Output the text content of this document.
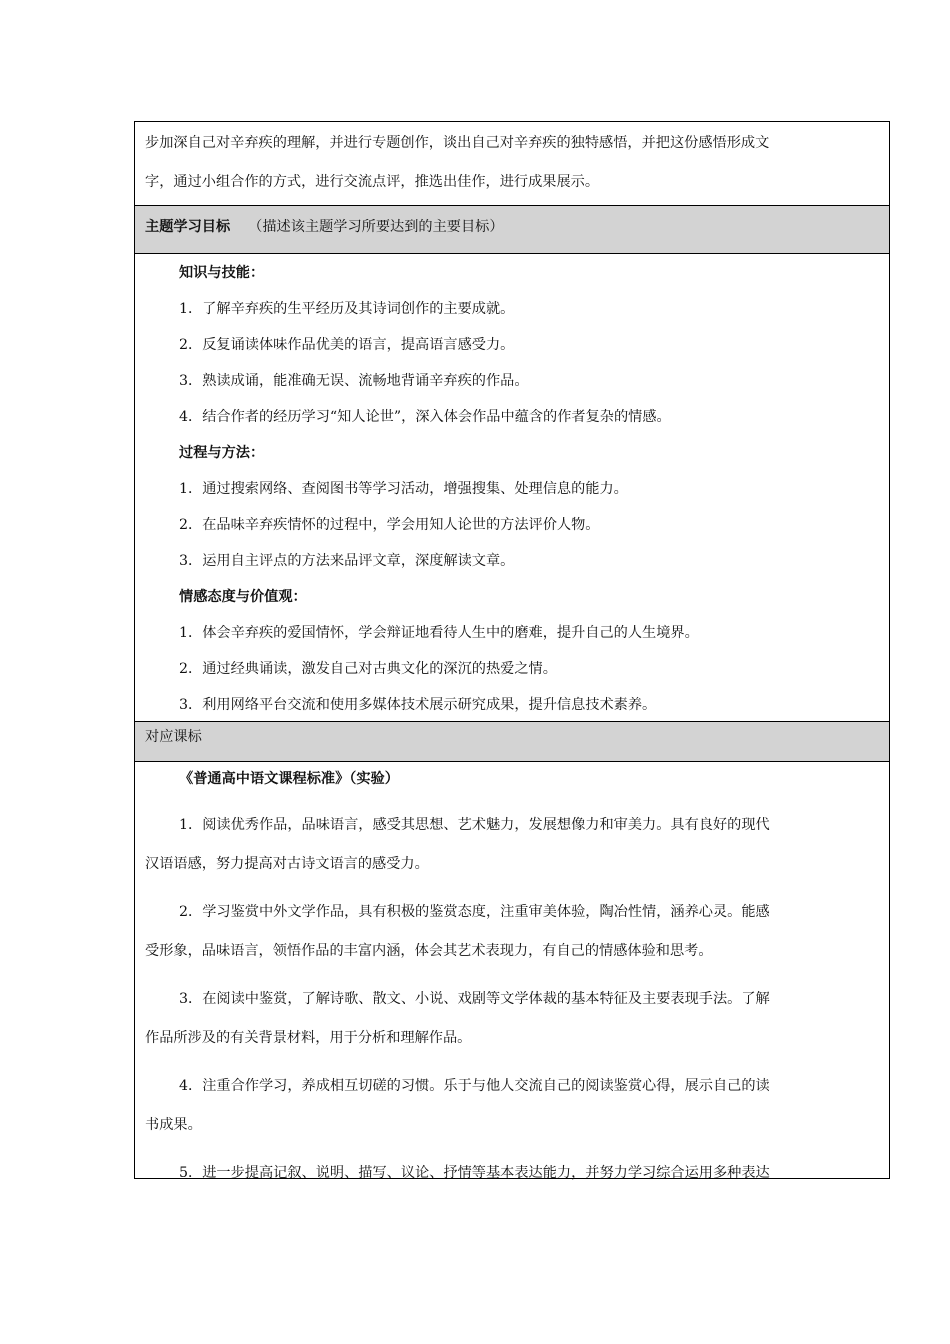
步加深自己对辛弃疾的理解，并进行专题创作，谈出自己对辛弃疾的独特感悟，并把这份感悟形成文
字，通过小组合作的方式，进行交流点评，推选出佳作，进行成果展示。
主题学习目标 （描述该主题学习所要达到的主要目标）
知识与技能：
1．了解辛弃疾的生平经历及其诗词创作的主要成就。
2．反复诵读体味作品优美的语言，提高语言感受力。
3．熟读成诵，能准确无误、流畅地背诵辛弃疾的作品。
4．结合作者的经历学习“知人论世”，深入体会作品中蕴含的作者复杂的情感。
过程与方法：
1．通过搜索网络、查阅图书等学习活动，增强搜集、处理信息的能力。
2．在品味辛弃疾情怀的过程中，学会用知人论世的方法评价人物。
3．运用自主评点的方法来品评文章，深度解读文章。
情感态度与价值观：
1．体会辛弃疾的爱国情怀，学会辩证地看待人生中的磨难，提升自己的人生境界。
2．通过经典诵读，激发自己对古典文化的深沉的热爱之情。
3．利用网络平台交流和使用多媒体技术展示研究成果，提升信息技术素养。
对应课标
《普通高中语文课程标准》（实验）
1．阅读优秀作品，品味语言，感受其思想、艺术魅力，发展想像力和审美力。具有良好的现代
汉语语感，努力提高对古诗文语言的感受力。
2．学习鉴赏中外文学作品，具有积极的鉴赏态度，注重审美体验，陶冶性情，涵养心灵。能感
受形象，品味语言，领悟作品的丰富内涵，体会其艺术表现力，有自己的情感体验和思考。
3．在阅读中鉴赏，了解诗歌、散文、小说、戏剧等文学体裁的基本特征及主要表现手法。了解
作品所涉及的有关背景材料，用于分析和理解作品。
4．注重合作学习，养成相互切磋的习惯。乐于与他人交流自己的阅读鉴赏心得，展示自己的读
书成果。
5．进一步提高记叙、说明、描写、议论、抒情等基本表达能力，并努力学习综合运用多种表达
